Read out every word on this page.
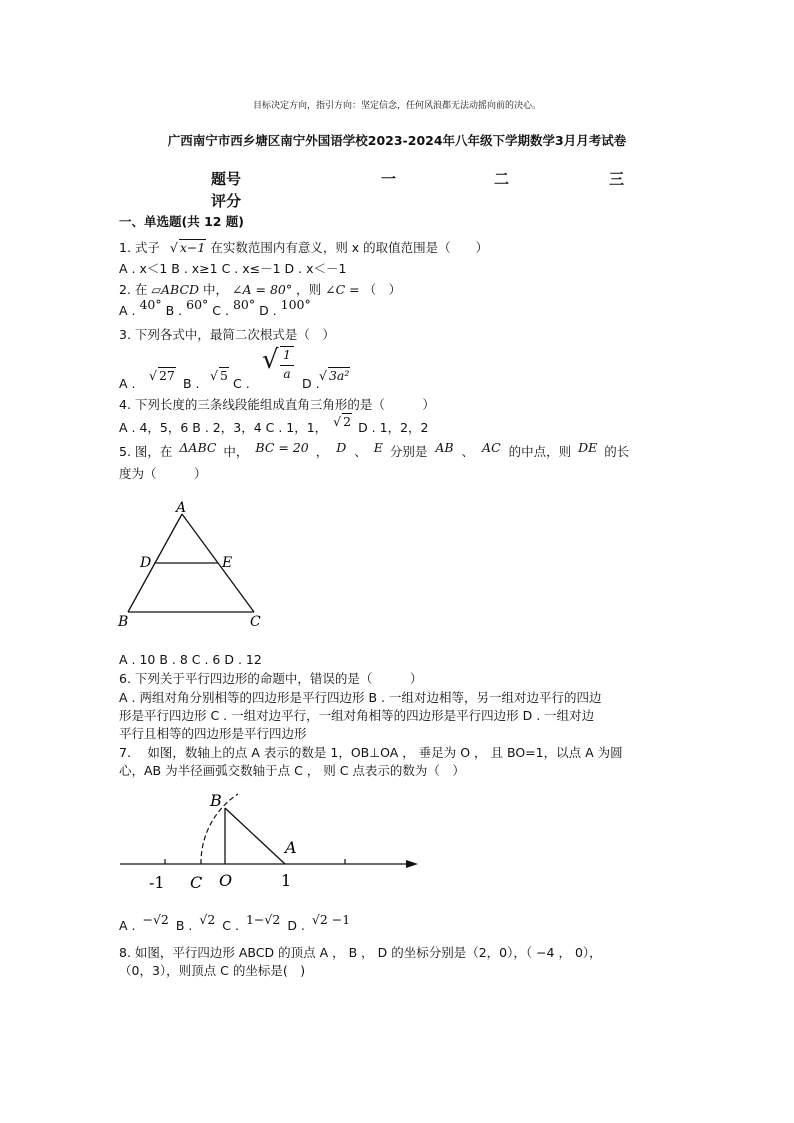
目标决定方向，指引方向：坚定信念，任何风浪都无法动摇向前的决心。
广西南宁市西乡塘区南宁外国语学校2023-2024年八年级下学期数学3月月考试卷
题号	一	二	三
评分
一、单选题(共 12 题)
1. 式子 √ x−1 在实数范围内有意义，则 x 的取值范围是（　　）
A . x＜1 B . x≥1 C . x≤－1 D . x＜－1
2. 在 ▱ABCD 中， ∠A = 80° ，则 ∠C = （　）
A . 40° B . 60° C . 80° D . 100°
3. 下列各式中，最简二次根式是（　）
A .
√ 27
B .
√ 5
C .
√ 1
a
D .
√ 3a²
4. 下列长度的三条线段能组成直角三角形的是（　　　）
A . 4，5，6 B . 2，3，4 C . 1，1， √ 2 D . 1，2，2
5. 图，在 ΔABC 中， BC = 20 ， D 、 E 分别是 AB 、 AC 的中点，则 DE 的长
度为（　　　）
A
D	E
B	C
A . 10 B . 8 C . 6 D . 12
6. 下列关于平行四边形的命题中，错误的是（　　　）
A . 两组对角分别相等的四边形是平行四边形 B . 一组对边相等，另一组对边平行的四边
形是平行四边形 C . 一组对边平行，一组对角相等的四边形是平行四边形 D . 一组对边
平行且相等的四边形是平行四边形
7.　 如图，数轴上的点 A 表示的数是 1，OB⊥OA ， 垂足为 O ， 且 BO=1，以点 A 为圆
心，AB 为半径画弧交数轴于点 C ， 则 C 点表示的数为（　）
B
A
-1 C O	1
A . −√2 B . √2 C . 1−√2 D . √2 −1
8. 如图，平行四边形 ABCD 的顶点 A ， B ， D 的坐标分别是（2，0），（ −4 ， 0），
（0，3），则顶点 C 的坐标是(　)
